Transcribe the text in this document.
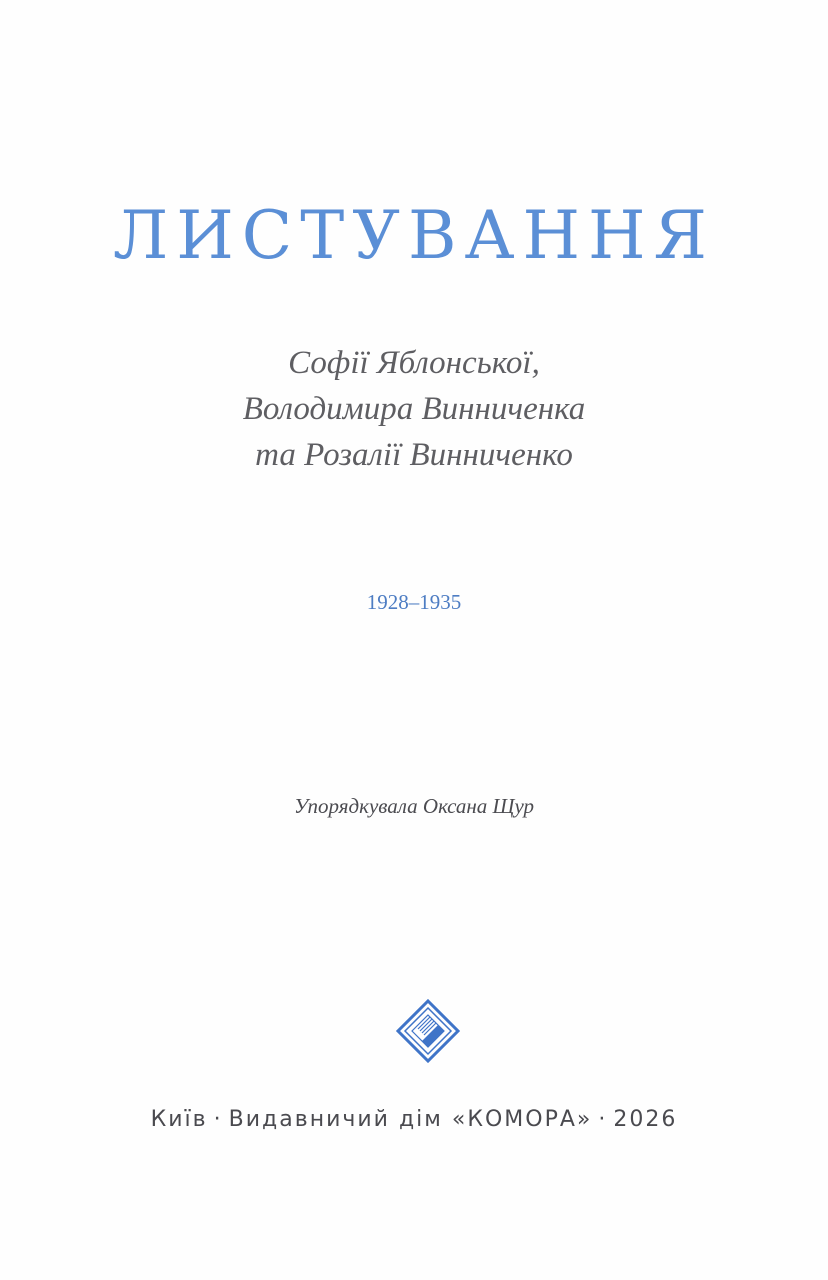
ЛИСТУВАННЯ
Софії Яблонської,
Володимира Винниченка
та Розалії Винниченко
1928–1935
Упорядкувала Оксана Щур
Київ · Видавничий дім «КОМОРА» · 2026
